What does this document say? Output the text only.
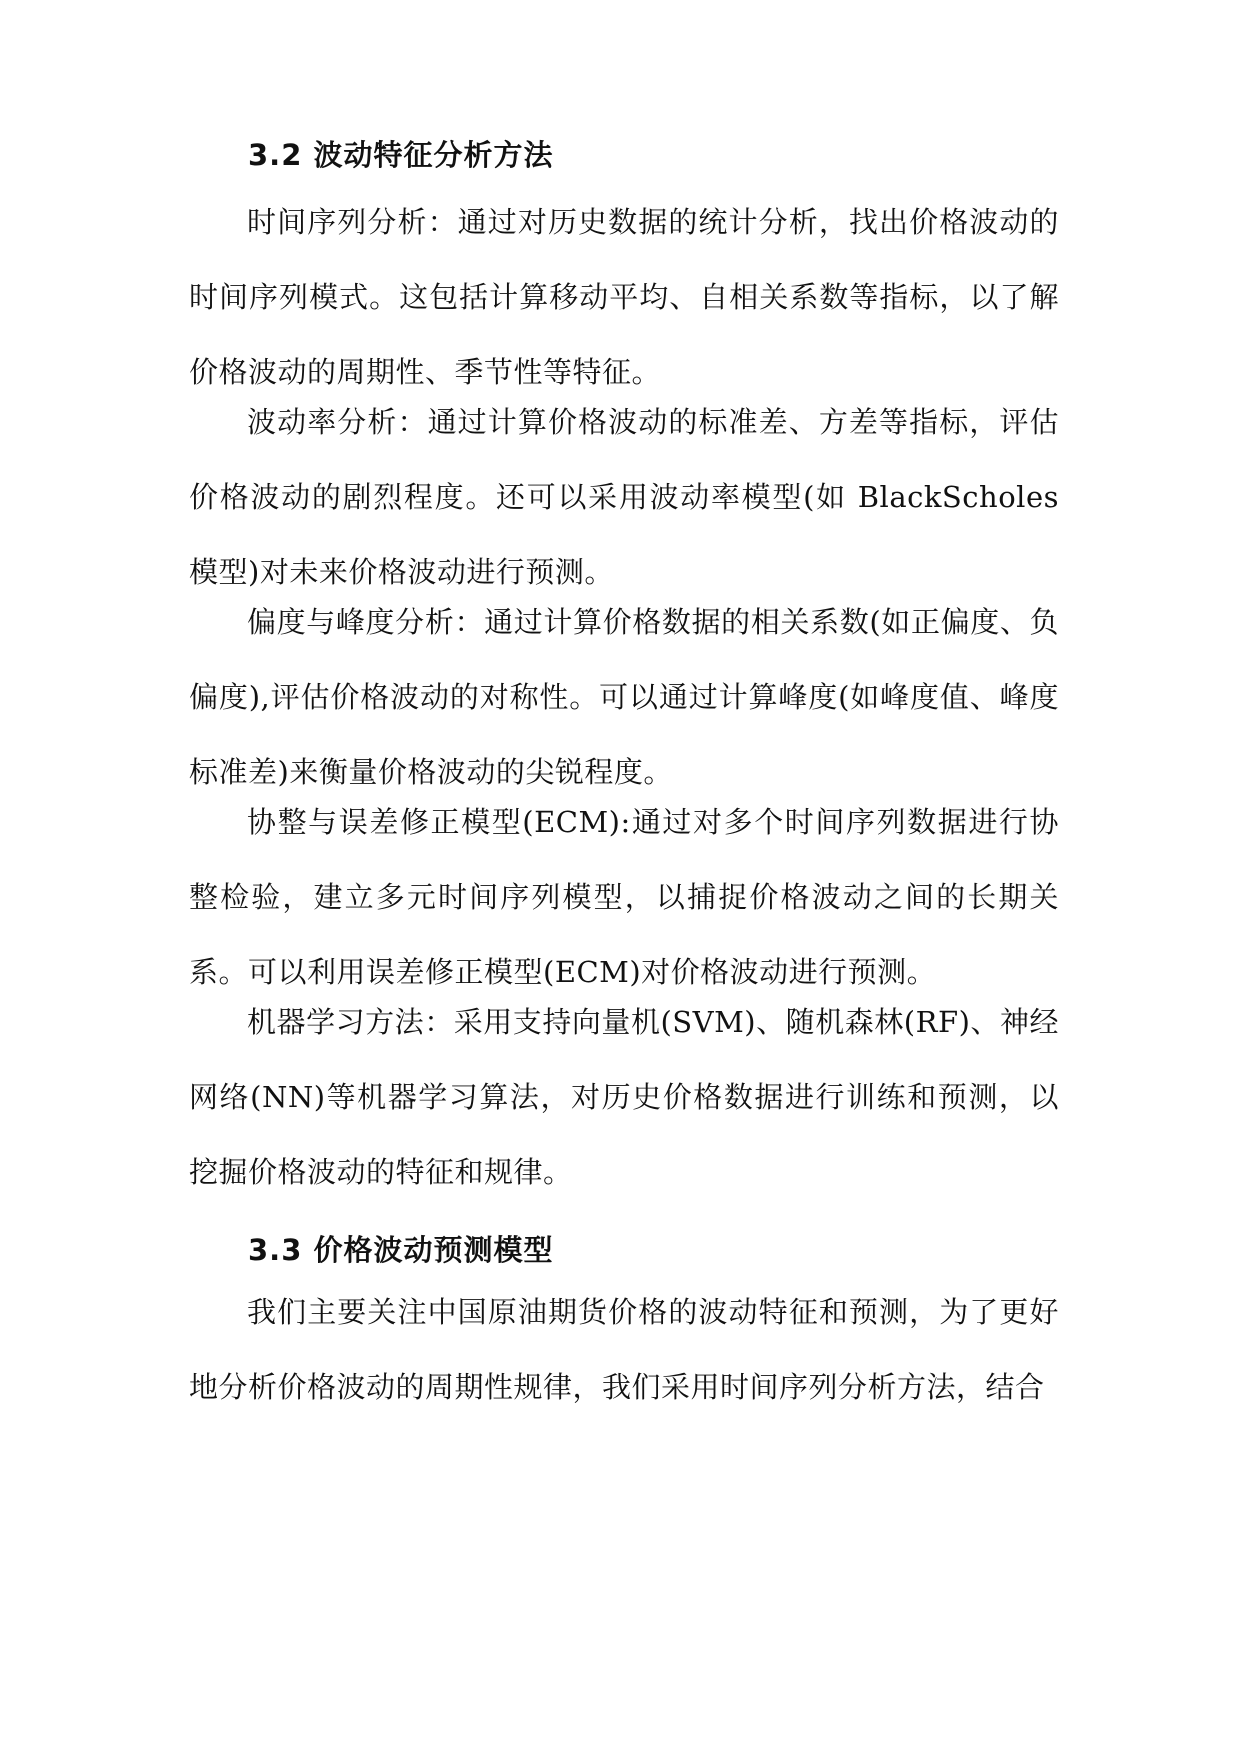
3.2 波动特征分析方法

时间序列分析：通过对历史数据的统计分析，找出价格波动的时间序列模式。这包括计算移动平均、自相关系数等指标，以了解价格波动的周期性、季节性等特征。

波动率分析：通过计算价格波动的标准差、方差等指标，评估价格波动的剧烈程度。还可以采用波动率模型(如 BlackScholes 模型)对未来价格波动进行预测。

偏度与峰度分析：通过计算价格数据的相关系数(如正偏度、负偏度),评估价格波动的对称性。可以通过计算峰度(如峰度值、峰度标准差)来衡量价格波动的尖锐程度。

协整与误差修正模型(ECM):通过对多个时间序列数据进行协整检验，建立多元时间序列模型，以捕捉价格波动之间的长期关系。可以利用误差修正模型(ECM)对价格波动进行预测。

机器学习方法：采用支持向量机(SVM)、随机森林(RF)、神经网络(NN)等机器学习算法，对历史价格数据进行训练和预测，以挖掘价格波动的特征和规律。

3.3 价格波动预测模型

我们主要关注中国原油期货价格的波动特征和预测，为了更好地分析价格波动的周期性规律，我们采用时间序列分析方法，结合
